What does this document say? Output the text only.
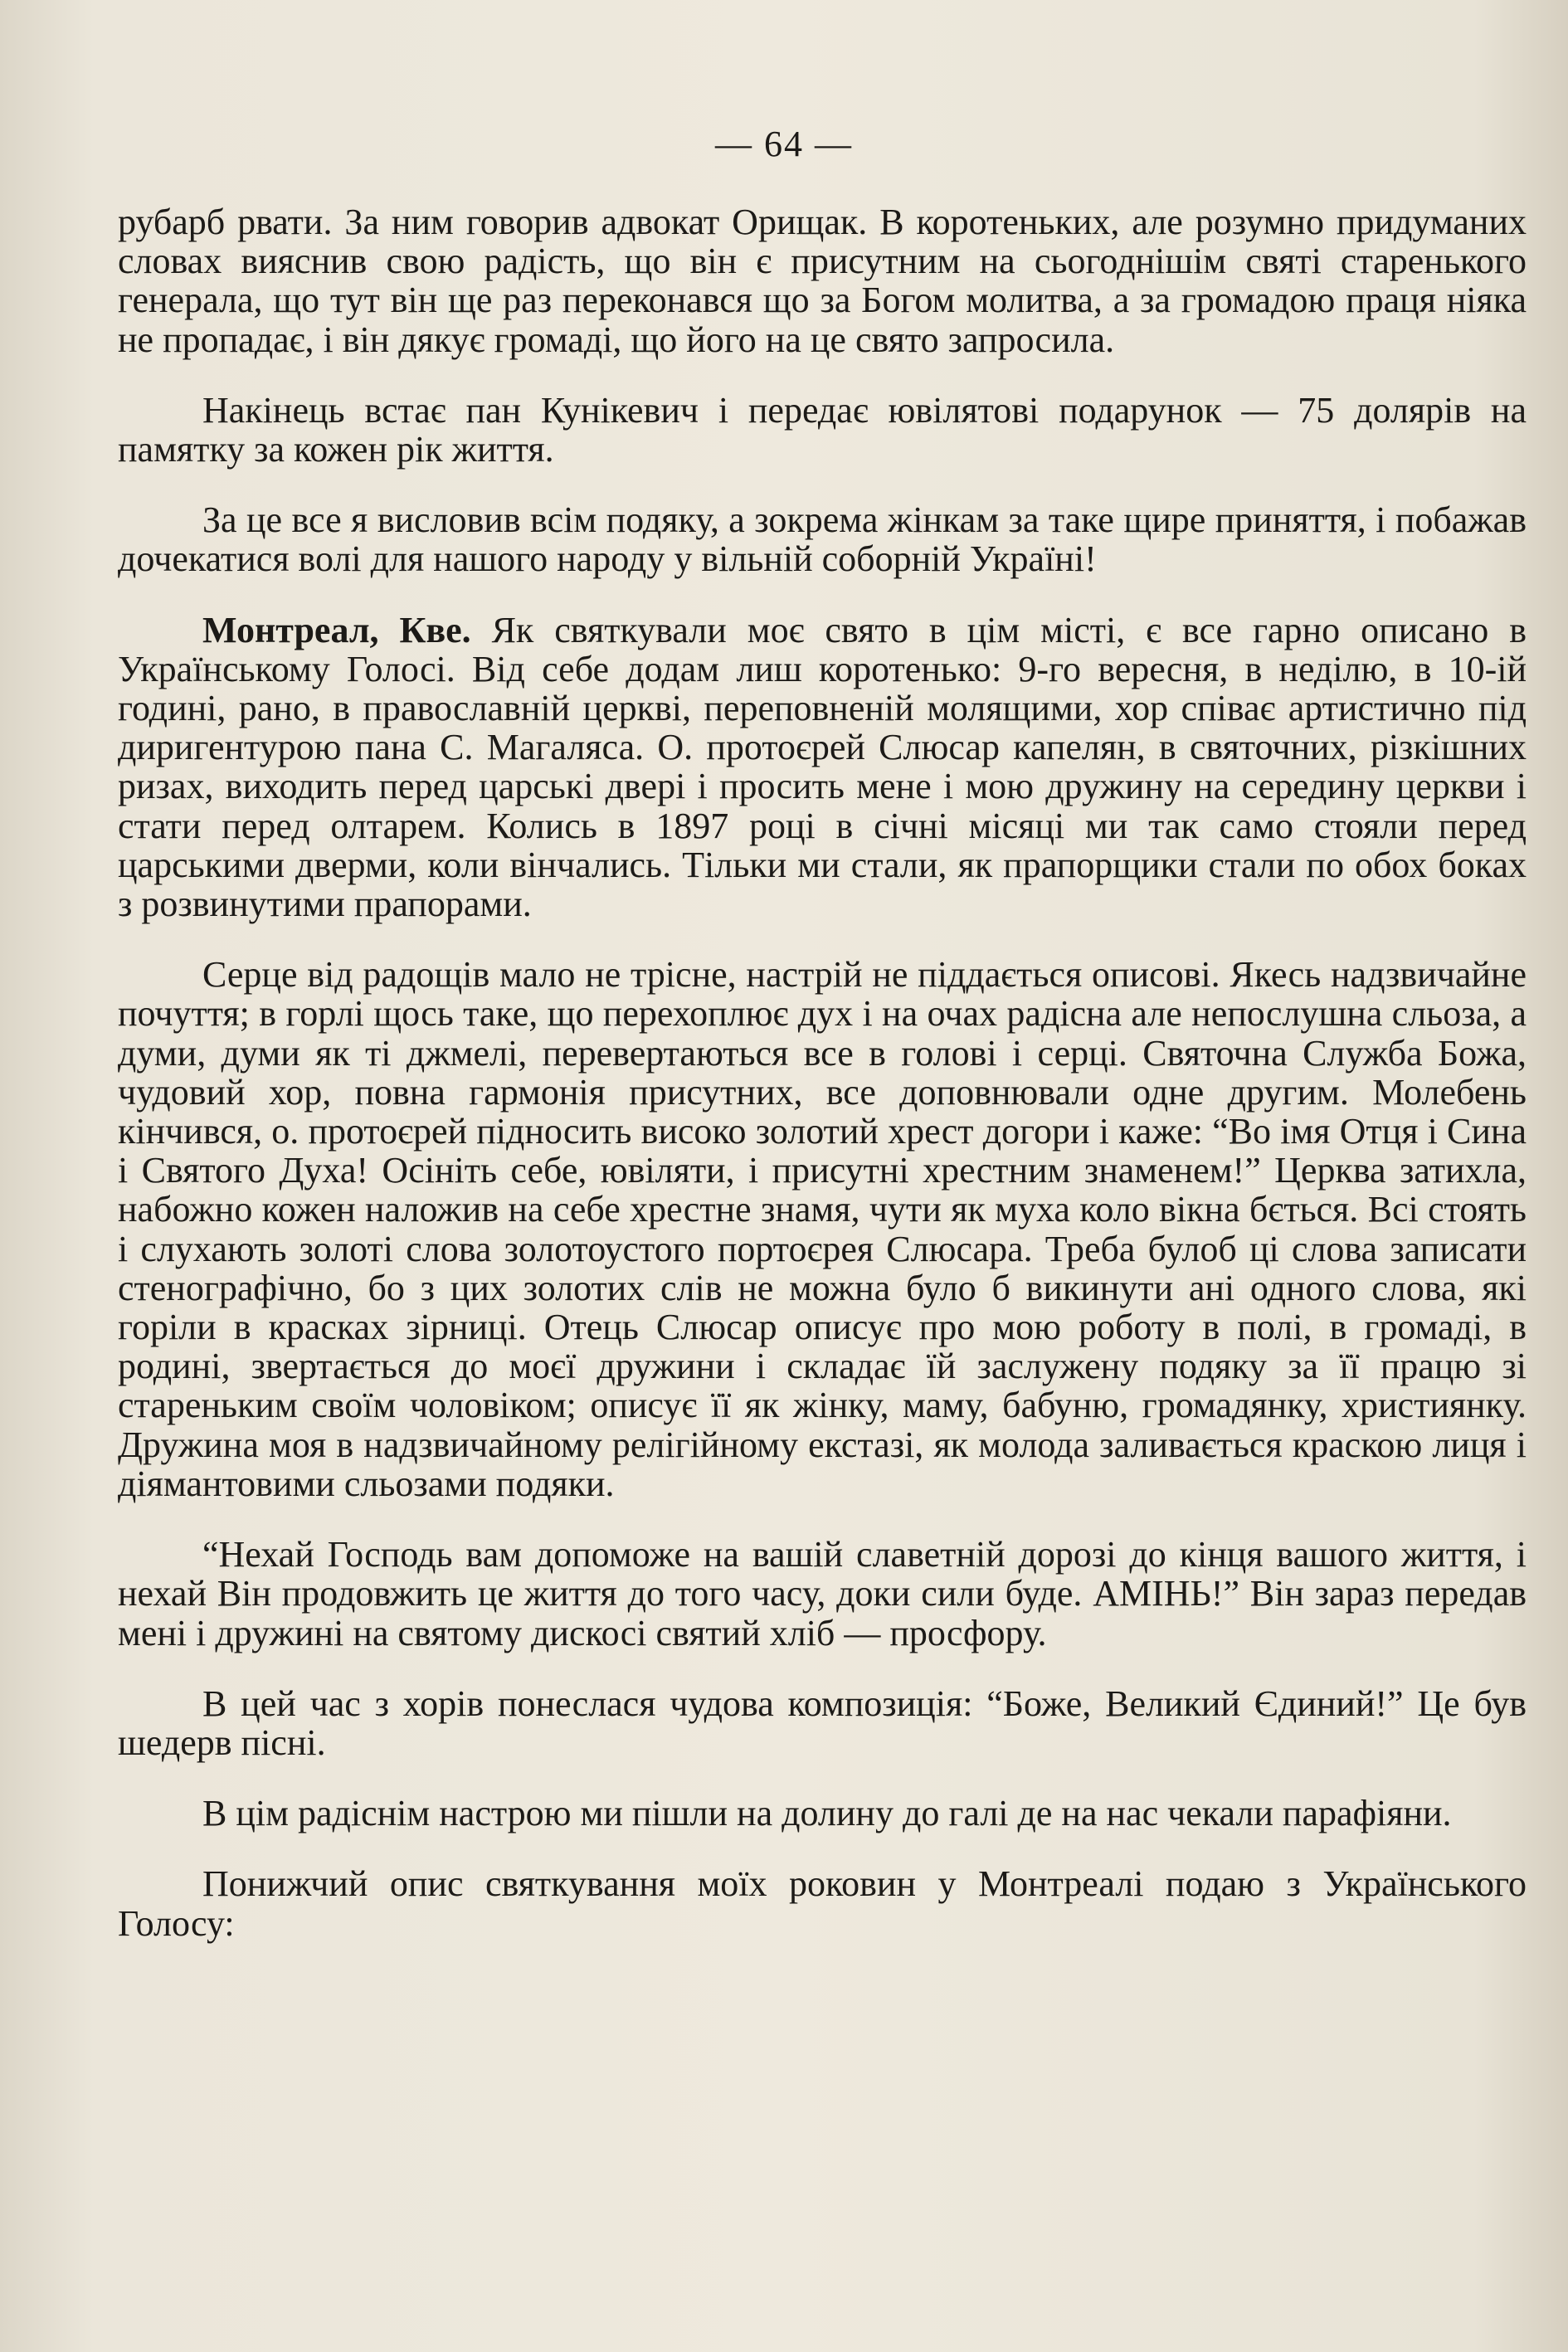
— 64 —

рубарб рвати. За ним говорив адвокат Орищак. В коротеньких, але розумно придуманих словах вияснив свою радість, що він є присутним на сьогоднішім святі старенького генерала, що тут він ще раз переконався що за Богом молитва, а за громадою праця ніяка не пропадає, і він дякує громаді, що його на це свято запросила.

Накінець встає пан Кунікевич і передає ювілятові подарунок — 75 долярів на памятку за кожен рік життя.

За це все я висловив всім подяку, а зокрема жінкам за таке щире приняття, і побажав дочекатися волі для нашого народу у вільній соборній Україні!

Монтреал, Кве. Як святкували моє свято в цім місті, є все гарно описано в Українському Голосі. Від себе додам лиш коротенько: 9-го вересня, в неділю, в 10-ій годині, рано, в православній церкві, переповненій молящими, хор співає артистично під диригентурою пана С. Магаляса. О. протоєрей Слюсар капелян, в святочних, різкішних ризах, виходить перед царські двері і просить мене і мою дружину на середину церкви і стати перед олтарем. Колись в 1897 році в січні місяці ми так само стояли перед царськими дверми, коли вінчались. Тільки ми стали, як прапорщики стали по обох боках з розвинутими прапорами.

Серце від радощів мало не трісне, настрій не піддається описові. Якесь надзвичайне почуття; в горлі щось таке, що перехоплює дух і на очах радісна але непослушна сльоза, а думи, думи як ті джмелі, перевертаються все в голові і серці. Святочна Служба Божа, чудовий хор, повна гармонія присутних, все доповнювали одне другим. Молебень кінчився, о. протоєрей підносить високо золотий хрест догори і каже: “Во імя Отця і Сина і Святого Духа! Осініть себе, ювіляти, і присутні хрестним знаменем!” Церква затихла, набожно кожен наложив на себе хрестне знамя, чути як муха коло вікна бється. Всі стоять і слухають золоті слова золотоустого портоєрея Слюсара. Треба булоб ці слова записати стенографічно, бо з цих золотих слів не можна було б викинути ані одного слова, які горіли в красках зірниці. Отець Слюсар описує про мою роботу в полі, в громаді, в родині, звертається до моєї дружини і складає їй заслужену подяку за її працю зі стареньким своїм чоловіком; описує її як жінку, маму, бабуню, громадянку, християнку. Дружина моя в надзвичайному релігійному екстазі, як молода заливається краскою лиця і діямантовими сльозами подяки.

“Нехай Господь вам допоможе на вашій славетній дорозі до кінця вашого життя, і нехай Він продовжить це життя до того часу, доки сили буде. АМІНЬ!” Він зараз передав мені і дружині на святому дискосі святий хліб — просфору.

В цей час з хорів понеслася чудова композиція: “Боже, Великий Єдиний!” Це був шедерв пісні.

В цім радіснім настрою ми пішли на долину до галі де на нас чекали парафіяни.

Понижчий опис святкування моїх роковин у Монтреалі подаю з Українського Голосу:
